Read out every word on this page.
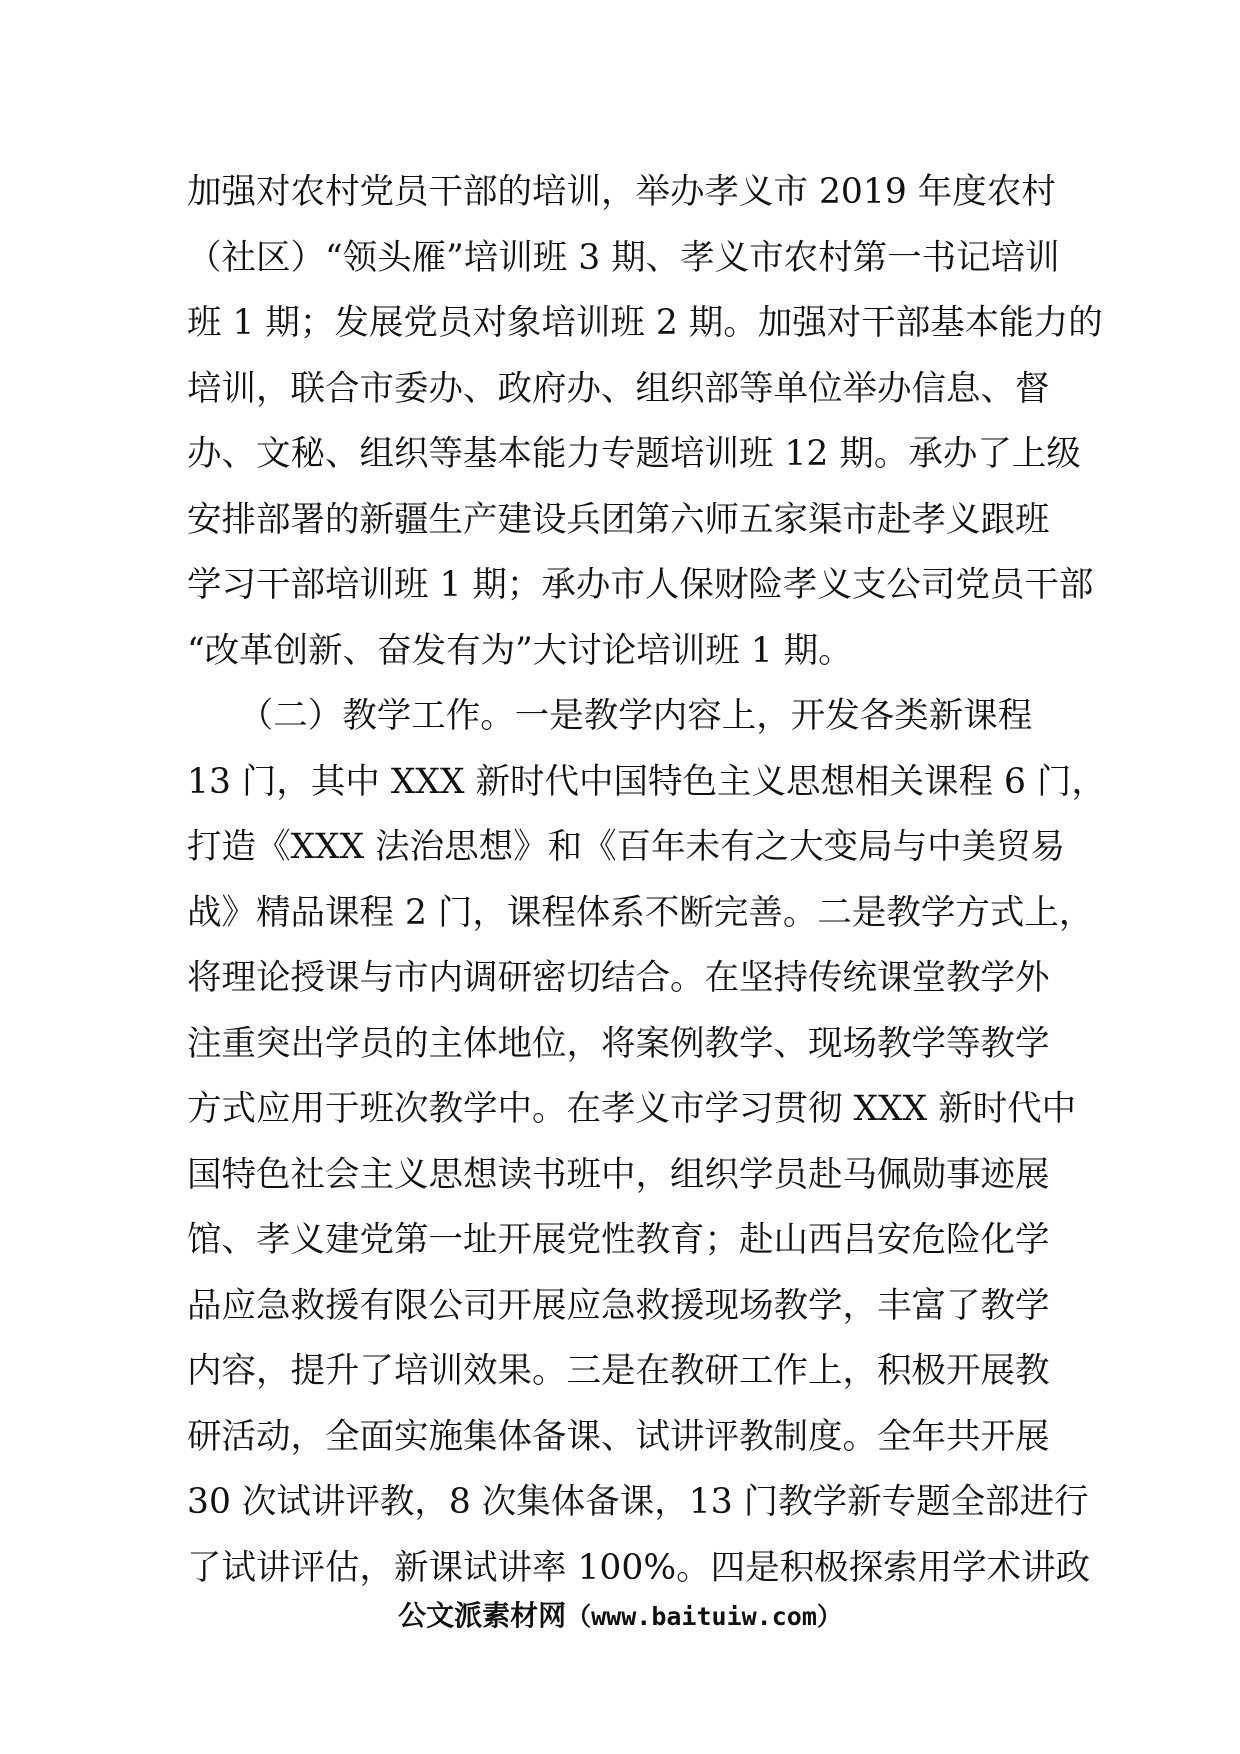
加强对农村党员干部的培训，举办孝义市 2019 年度农村
（社区）“领头雁”培训班 3 期、孝义市农村第一书记培训
班 1 期；发展党员对象培训班 2 期。加强对干部基本能力的
培训，联合市委办、政府办、组织部等单位举办信息、督
办、文秘、组织等基本能力专题培训班 12 期。承办了上级
安排部署的新疆生产建设兵团第六师五家渠市赴孝义跟班
学习干部培训班 1 期；承办市人保财险孝义支公司党员干部
“改革创新、奋发有为”大讨论培训班 1 期。
　　（二）教学工作。一是教学内容上，开发各类新课程
13 门，其中 XXX 新时代中国特色主义思想相关课程 6 门，
打造《XXX 法治思想》和《百年未有之大变局与中美贸易
战》精品课程 2 门，课程体系不断完善。二是教学方式上，
将理论授课与市内调研密切结合。在坚持传统课堂教学外
注重突出学员的主体地位，将案例教学、现场教学等教学
方式应用于班次教学中。在孝义市学习贯彻 XXX 新时代中
国特色社会主义思想读书班中，组织学员赴马佩勋事迹展
馆、孝义建党第一址开展党性教育；赴山西吕安危险化学
品应急救援有限公司开展应急救援现场教学，丰富了教学
内容，提升了培训效果。三是在教研工作上，积极开展教
研活动，全面实施集体备课、试讲评教制度。全年共开展
30 次试讲评教，8 次集体备课，13 门教学新专题全部进行
了试讲评估，新课试讲率 100%。四是积极探索用学术讲政
公文派素材网（www.baituiw.com）
